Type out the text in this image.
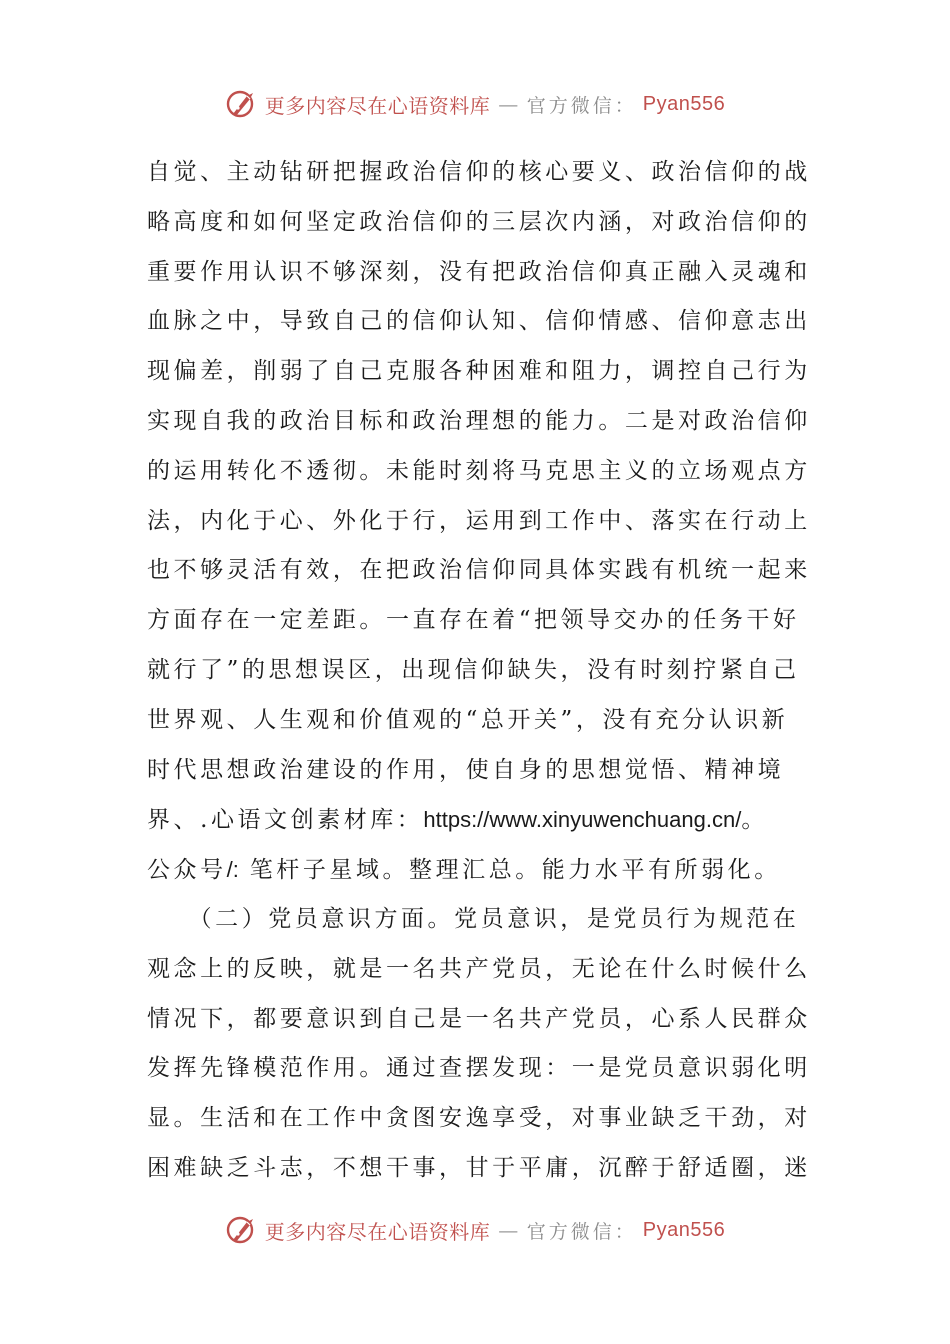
更多内容尽在心语资料库 — 官方微信： Pyan556
自觉、主动钻研把握政治信仰的核心要义、政治信仰的战
略高度和如何坚定政治信仰的三层次内涵，对政治信仰的
重要作用认识不够深刻，没有把政治信仰真正融入灵魂和
血脉之中，导致自己的信仰认知、信仰情感、信仰意志出
现偏差，削弱了自己克服各种困难和阻力，调控自己行为
实现自我的政治目标和政治理想的能力。二是对政治信仰
的运用转化不透彻。未能时刻将马克思主义的立场观点方
法，内化于心、外化于行，运用到工作中、落实在行动上
也不够灵活有效，在把政治信仰同具体实践有机统一起来
方面存在一定差距。一直存在着“把领导交办的任务干好
就行了”的思想误区，出现信仰缺失，没有时刻拧紧自己
世界观、人生观和价值观的“总开关”，没有充分认识新
时代思想政治建设的作用，使自身的思想觉悟、精神境
界、.心语文创素材库：https://www.xinyuwenchuang.cn/。
公众号/: 笔杆子星域。整理汇总。能力水平有所弱化。
　　（二）党员意识方面。党员意识，是党员行为规范在
观念上的反映，就是一名共产党员，无论在什么时候什么
情况下，都要意识到自己是一名共产党员，心系人民群众
发挥先锋模范作用。通过查摆发现：一是党员意识弱化明
显。生活和在工作中贪图安逸享受，对事业缺乏干劲，对
困难缺乏斗志，不想干事，甘于平庸，沉醉于舒适圈，迷
更多内容尽在心语资料库 — 官方微信： Pyan556
